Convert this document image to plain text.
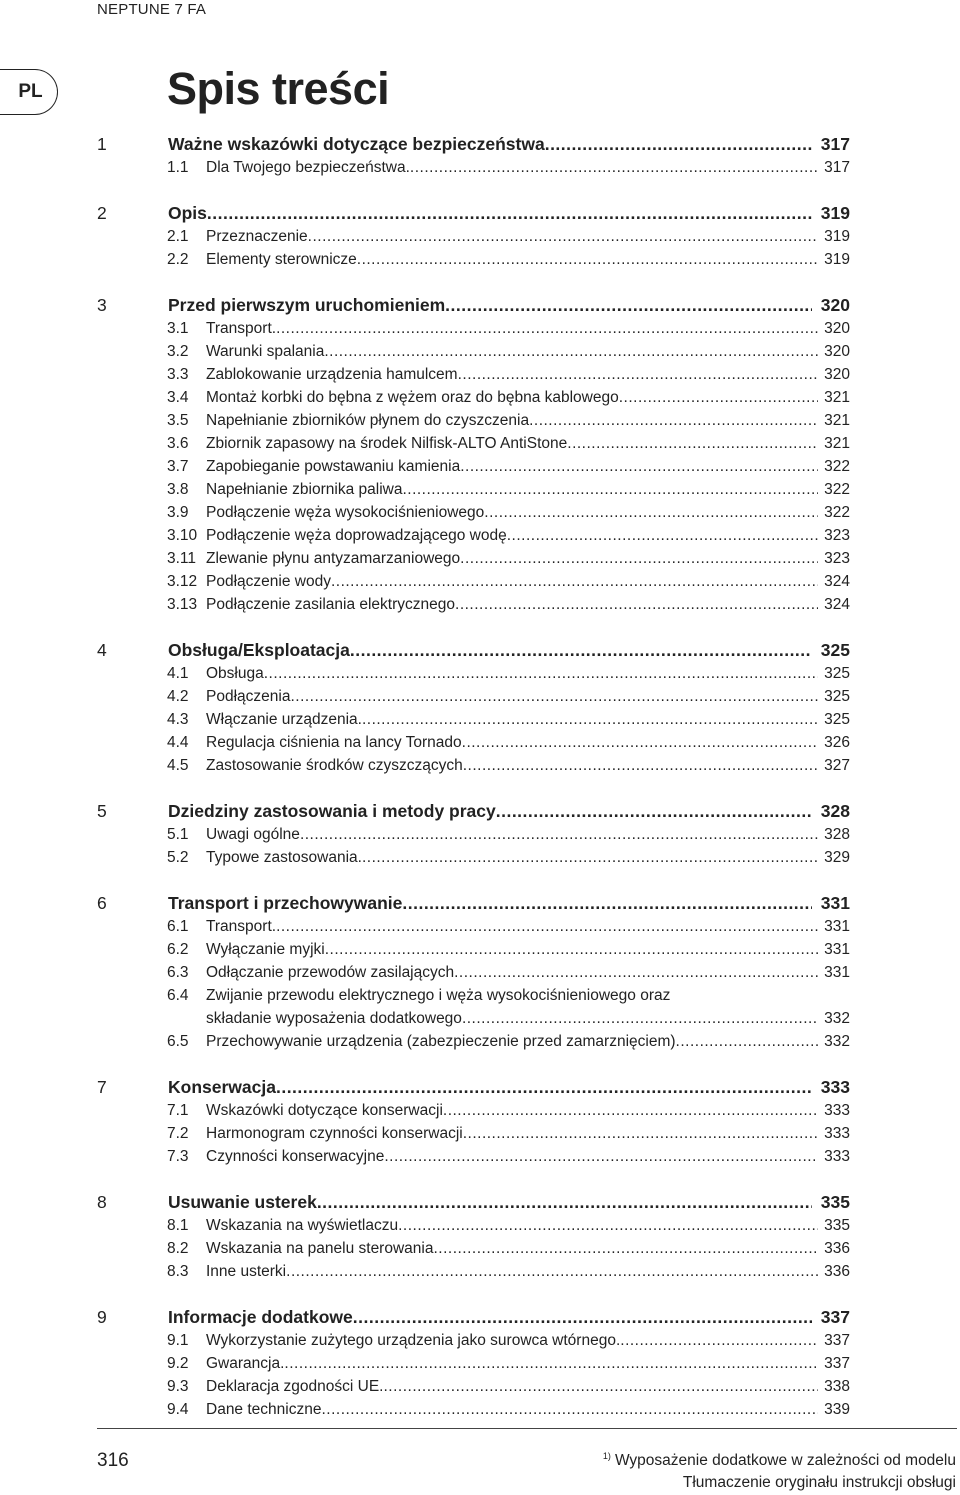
NEPTUNE 7 FA
PL	Spis treści
1	Ważne wskazówki dotyczące bezpieczeństwa .....	317
1.1 Dla Twojego bezpieczeństwa. .....	317
2	Opis .....	319
2.1 Przeznaczenie .....	319
2.2 Elementy sterownicze .....	319
3	Przed pierwszym uruchomieniem .....	320
3.1 Transport. .....	320
3.2 Warunki spalania .....	320
3.3 Zablokowanie urządzenia hamulcem .....	320
3.4 Montaż korbki do bębna z wężem oraz do bębna kablowego .....	321
3.5 Napełnianie zbiorników płynem do czyszczenia .....	321
3.6 Zbiornik zapasowy na środek Nilfisk-ALTO AntiStone .....	321
3.7 Zapobieganie powstawaniu kamienia .....	322
3.8 Napełnianie zbiornika paliwa .....	322
3.9 Podłączenie węża wysokociśnieniowego .....	322
3.10 Podłączenie węża doprowadzającego wodę .....	323
3.11 Zlewanie płynu antyzamarzaniowego .....	323
3.12 Podłączenie wody .....	324
3.13 Podłączenie zasilania elektrycznego .....	324
4	Obsługa/Eksploatacja .....	325
4.1 Obsługa .....	325
4.2 Podłączenia .....	325
4.3 Włączanie urządzenia. .....	325
4.4 Regulacja ciśnienia na lancy Tornado .....	326
4.5 Zastosowanie środków czyszczących .....	327
5	Dziedziny zastosowania i metody pracy .....	328
5.1 Uwagi ogólne .....	328
5.2 Typowe zastosowania. .....	329
6	Transport i przechowywanie .....	331
6.1 Transport. .....	331
6.2 Wyłączanie myjki .....	331
6.3 Odłączanie przewodów zasilających .....	331
6.4 Zwijanie przewodu elektrycznego i węża wysokociśnieniowego oraz
składanie wyposażenia dodatkowego .....	332
6.5 Przechowywanie urządzenia (zabezpieczenie przed zamarznięciem) .....	332
7	Konserwacja .....	333
7.1 Wskazówki dotyczące konserwacji .....	333
7.2 Harmonogram czynności konserwacji .....	333
7.3 Czynności konserwacyjne .....	333
8	Usuwanie usterek .....	335
8.1 Wskazania na wyświetlaczu .....	335
8.2 Wskazania na panelu sterowania .....	336
8.3 Inne usterki .....	336
9	Informacje dodatkowe .....	337
9.1 Wykorzystanie zużytego urządzenia jako surowca wtórnego. .....	337
9.2 Gwarancja. .....	337
9.3 Deklaracja zgodności UE. .....	338
9.4 Dane techniczne .....	339
316	$^{1)}$ Wyposażenie dodatkowe w zależności od modelu
Tłumaczenie oryginału instrukcji obsługi
